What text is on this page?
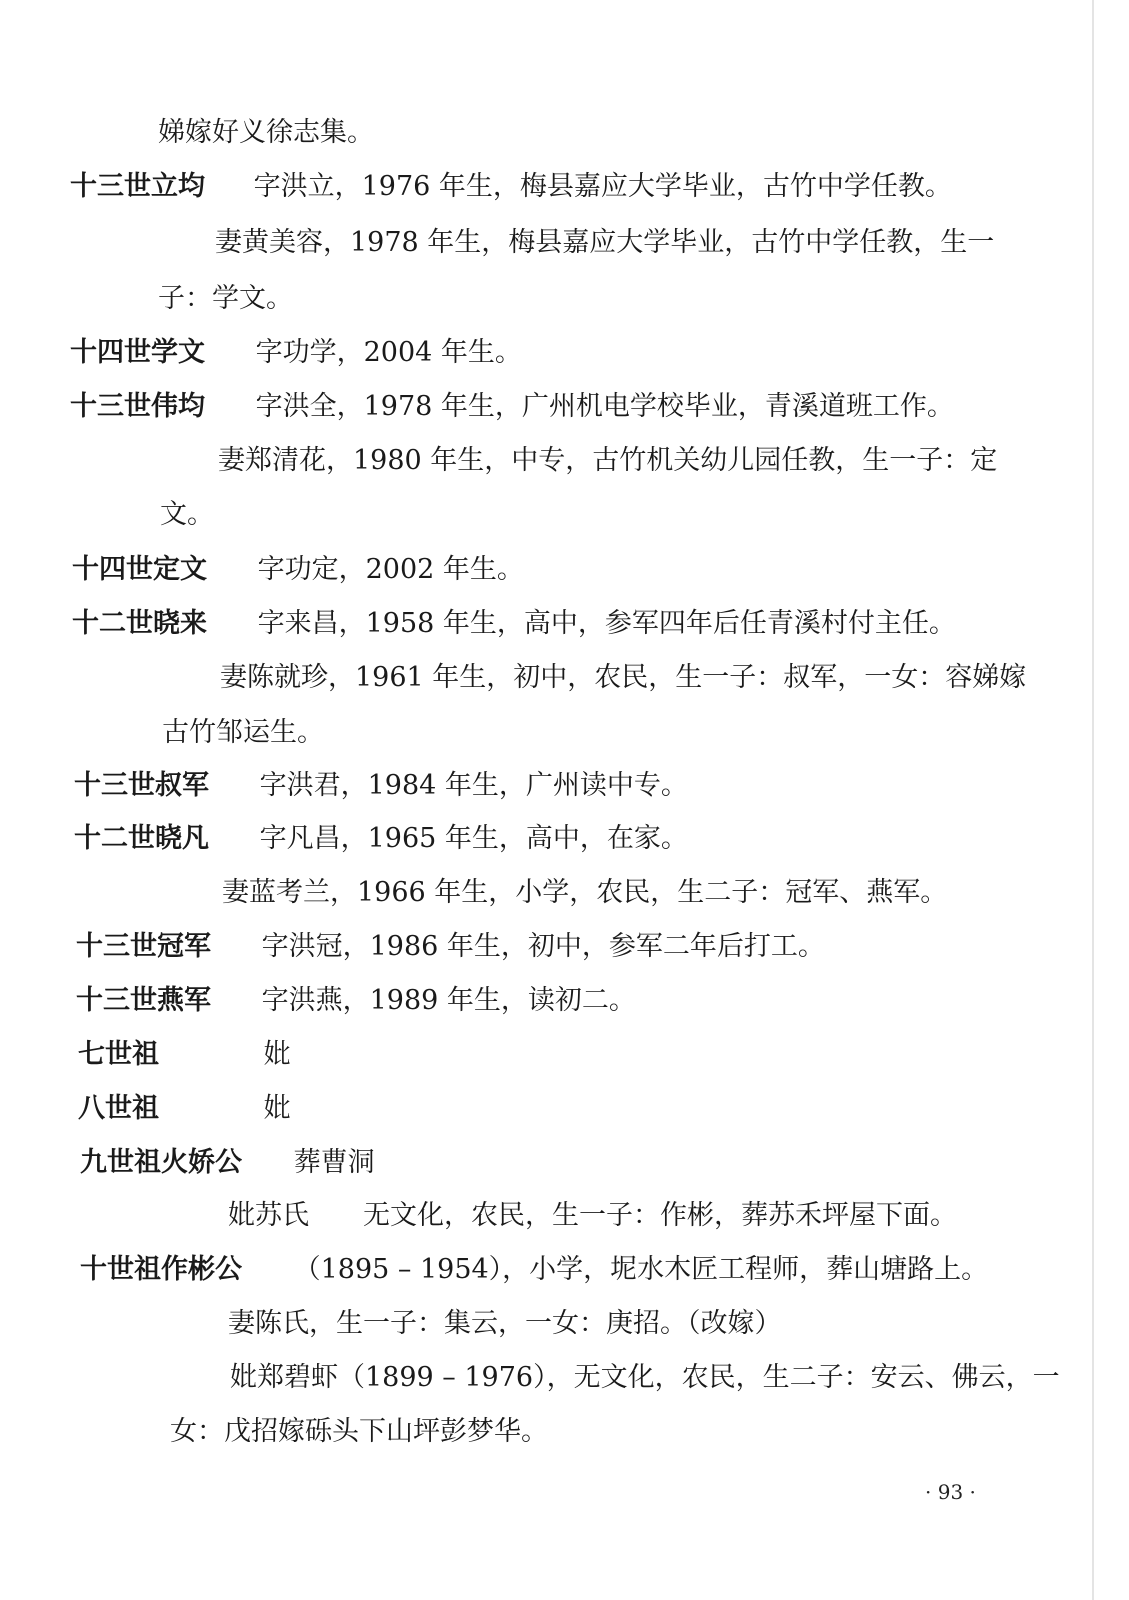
娣嫁好义徐志集。
十三世立均 字洪立，1976 年生，梅县嘉应大学毕业，古竹中学任教。
妻黄美容，1978 年生，梅县嘉应大学毕业，古竹中学任教，生一
子：学文。
十四世学文 字功学，2004 年生。
十三世伟均 字洪全，1978 年生，广州机电学校毕业，青溪道班工作。
妻郑清花，1980 年生，中专，古竹机关幼儿园任教，生一子：定
文。
十四世定文 字功定，2002 年生。
十二世晓来 字来昌，1958 年生，高中，参军四年后任青溪村付主任。
妻陈就珍，1961 年生，初中，农民，生一子：叔军，一女：容娣嫁
古竹邹运生。
十三世叔军 字洪君，1984 年生，广州读中专。
十二世晓凡 字凡昌，1965 年生，高中，在家。
妻蓝考兰，1966 年生，小学，农民，生二子：冠军、燕军。
十三世冠军 字洪冠，1986 年生，初中，参军二年后打工。
十三世燕军 字洪燕，1989 年生，读初二。
七世祖	妣
八世祖	妣
九世祖火娇公 葬曹洞
妣苏氏　　无文化，农民，生一子：作彬，葬苏禾坪屋下面。
十世祖作彬公 （1895 – 1954），小学，坭水木匠工程师，葬山塘路上。
妻陈氏，生一子：集云，一女：庚招。（改嫁）
妣郑碧虾（1899 – 1976），无文化，农民，生二子：安云、佛云，一
女：戊招嫁砾头下山坪彭梦华。
· 93 ·
